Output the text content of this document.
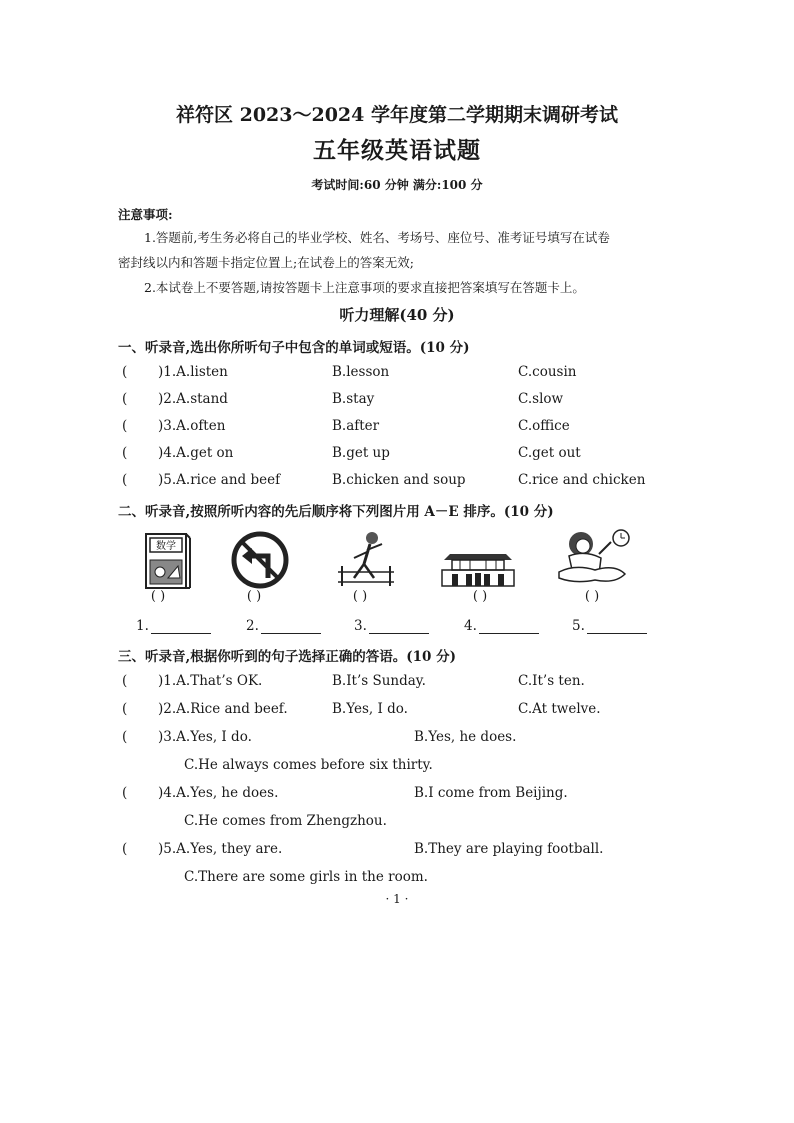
祥符区 2023～2024 学年度第二学期期末调研考试
五年级英语试题
考试时间:60 分钟 满分:100 分
注意事项:
1.答题前,考生务必将自己的毕业学校、姓名、考场号、座位号、准考证号填写在试卷
密封线以内和答题卡指定位置上;在试卷上的答案无效;
2.本试卷上不要答题,请按答题卡上注意事项的要求直接把答案填写在答题卡上。
听力理解(40 分)
一、听录音,选出你所听句子中包含的单词或短语。(10 分)
( )1.A.listen	B.lesson	C.cousin
( )2.A.stand	B.stay	C.slow
( )3.A.often	B.after	C.office
( )4.A.get on	B.get up	C.get out
( )5.A.rice and beef	B.chicken and soup	C.rice and chicken
二、听录音,按照所听内容的先后顺序将下列图片用 A－E 排序。(10 分)
数学
( )	( )	( )	( )	( )
1.	2.	3.	4.	5.
三、听录音,根据你听到的句子选择正确的答语。(10 分)
( )1.A.That’s OK.	B.It’s Sunday.	C.It’s ten.
( )2.A.Rice and beef.	B.Yes, I do.	C.At twelve.
( )3.A.Yes, I do.	B.Yes, he does.
C.He always comes before six thirty.
( )4.A.Yes, he does.	B.I come from Beijing.
C.He comes from Zhengzhou.
( )5.A.Yes, they are.	B.They are playing football.
C.There are some girls in the room.
· 1 ·
